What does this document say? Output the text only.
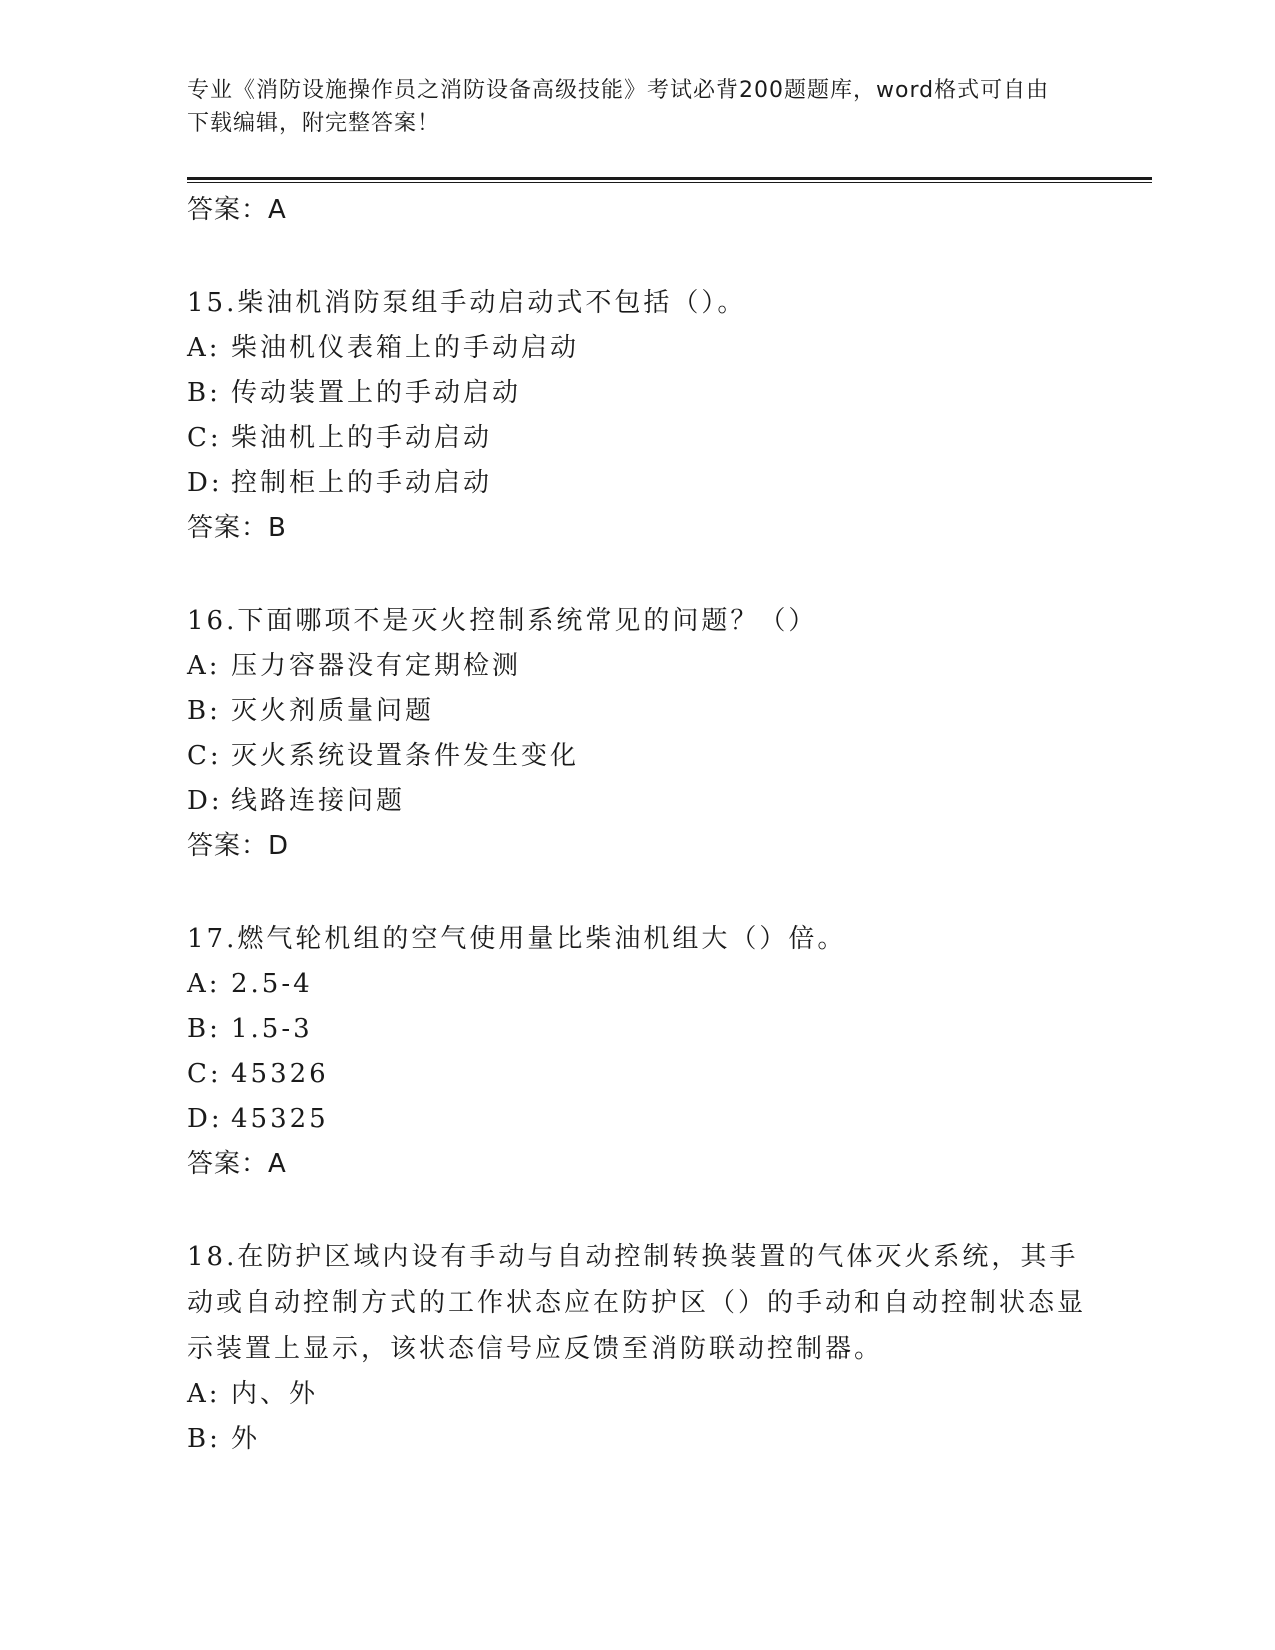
专业《消防设施操作员之消防设备高级技能》考试必背200题题库，word格式可自由下载编辑，附完整答案！
答案：A
15.柴油机消防泵组手动启动式不包括（）。
A: 柴油机仪表箱上的手动启动
B: 传动装置上的手动启动
C: 柴油机上的手动启动
D: 控制柜上的手动启动
答案：B
16.下面哪项不是灭火控制系统常见的问题？（）
A: 压力容器没有定期检测
B: 灭火剂质量问题
C: 灭火系统设置条件发生变化
D: 线路连接问题
答案：D
17.燃气轮机组的空气使用量比柴油机组大（）倍。
A: 2.5-4
B: 1.5-3
C: 45326
D: 45325
答案：A
18.在防护区域内设有手动与自动控制转换装置的气体灭火系统，其手动或自动控制方式的工作状态应在防护区（）的手动和自动控制状态显示装置上显示，该状态信号应反馈至消防联动控制器。
A: 内、外
B: 外
